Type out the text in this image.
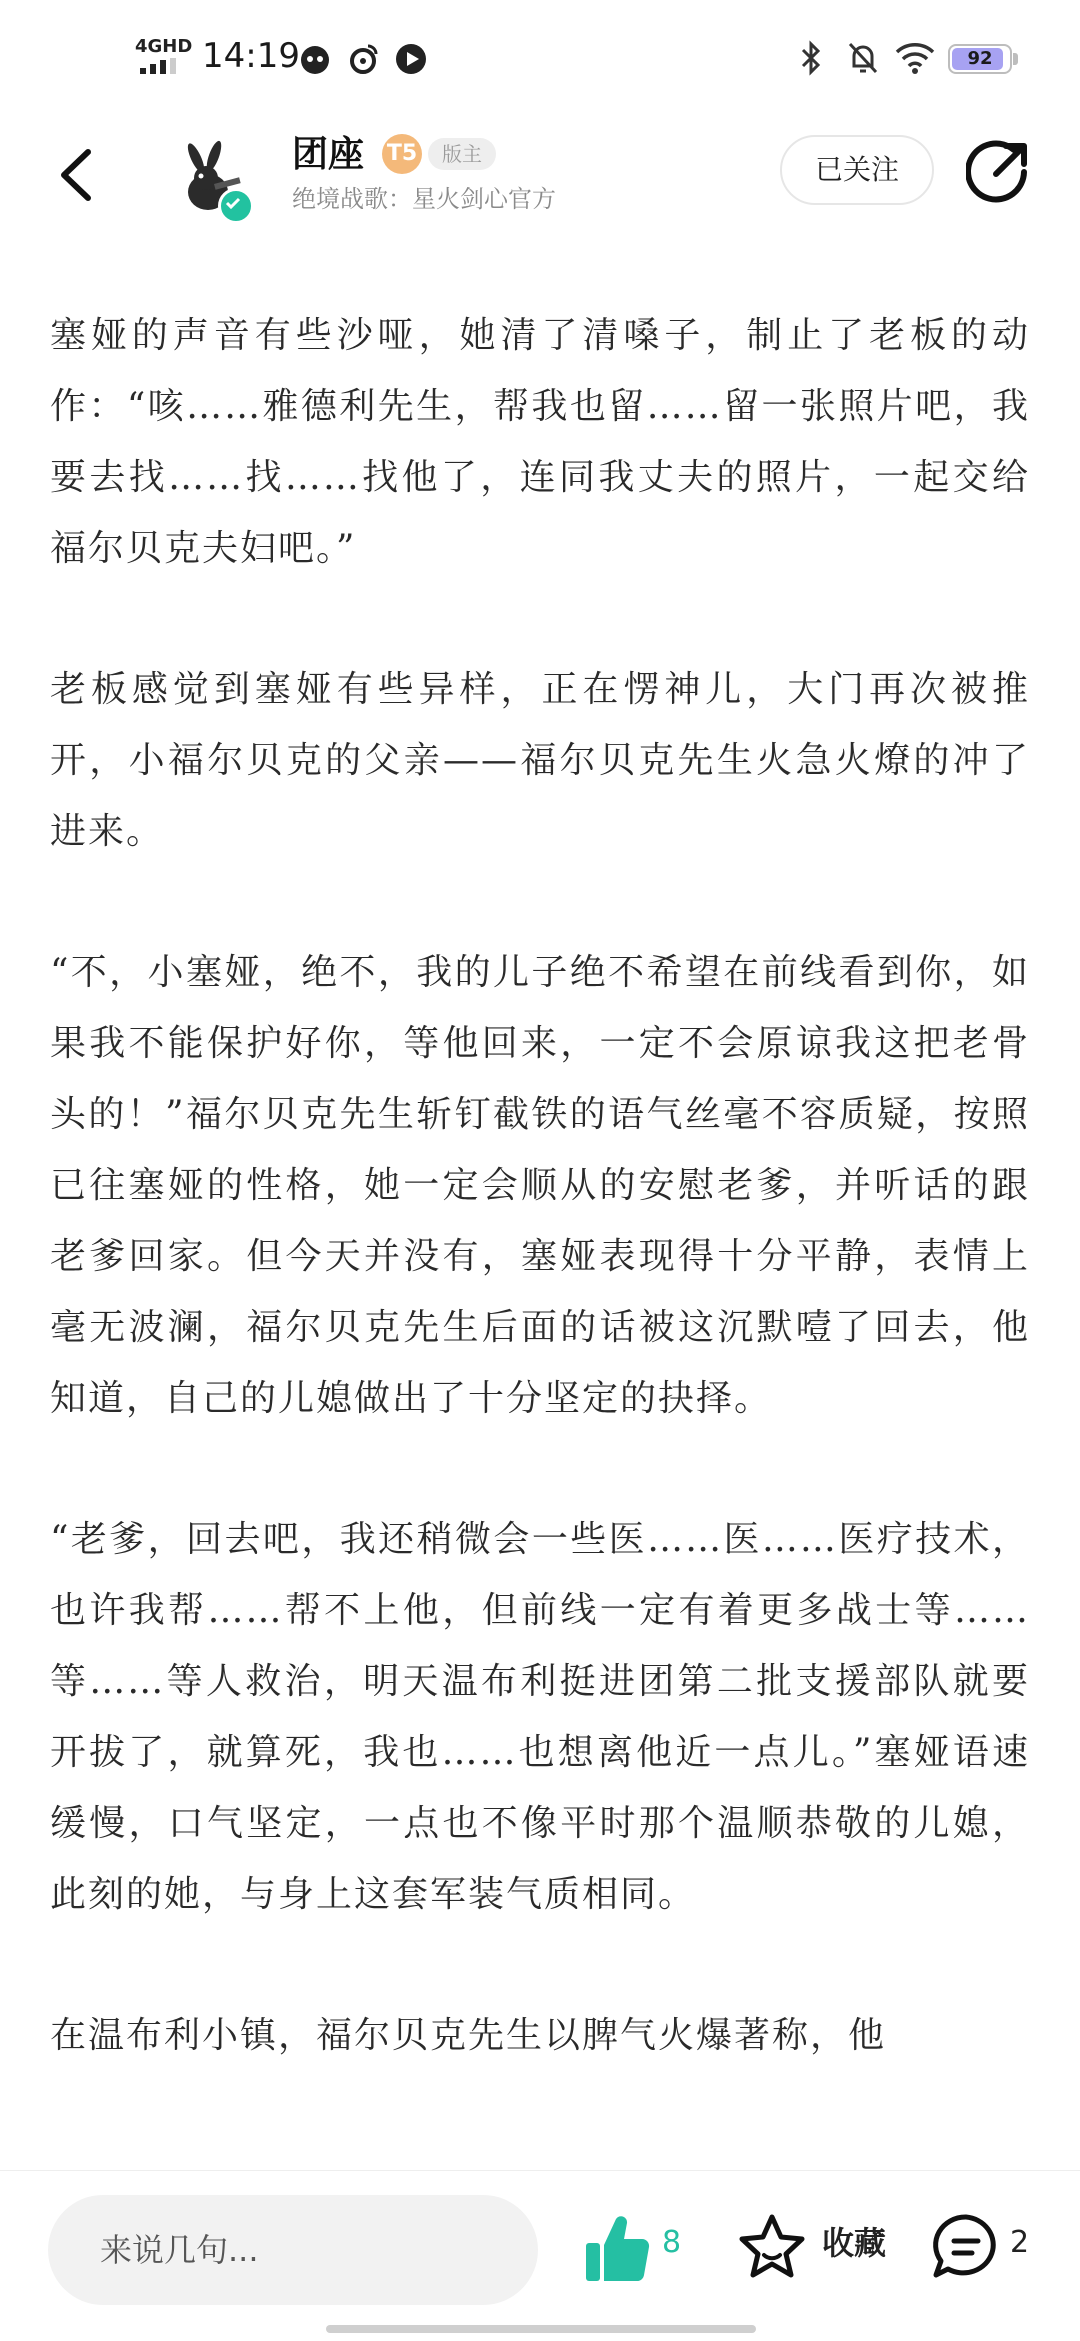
4GHD 14:19	92
团座 T5	版主
绝境战歌：星火剑心官方
已关注

塞娅的声音有些沙哑，她清了清嗓子，制止了老板的动作：“咳……雅德利先生，帮我也留……留一张照片吧，我要去找……找……找他了，连同我丈夫的照片，一起交给福尔贝克夫妇吧。”

老板感觉到塞娅有些异样，正在愣神儿，大门再次被推开，小福尔贝克的父亲——福尔贝克先生火急火燎的冲了进来。

“不，小塞娅，绝不，我的儿子绝不希望在前线看到你，如果我不能保护好你，等他回来，一定不会原谅我这把老骨头的！”福尔贝克先生斩钉截铁的语气丝毫不容质疑，按照已往塞娅的性格，她一定会顺从的安慰老爹，并听话的跟老爹回家。但今天并没有，塞娅表现得十分平静，表情上毫无波澜，福尔贝克先生后面的话被这沉默噎了回去，他知道，自己的儿媳做出了十分坚定的抉择。

“老爹，回去吧，我还稍微会一些医……医……医疗技术，也许我帮……帮不上他，但前线一定有着更多战士等……等……等人救治，明天温布利挺进团第二批支援部队就要开拔了，就算死，我也……也想离他近一点儿。”塞娅语速缓慢，口气坚定，一点也不像平时那个温顺恭敬的儿媳，此刻的她，与身上这套军装气质相同。

在温布利小镇，福尔贝克先生以脾气火爆著称，他

来说几句...	8	收藏	2
